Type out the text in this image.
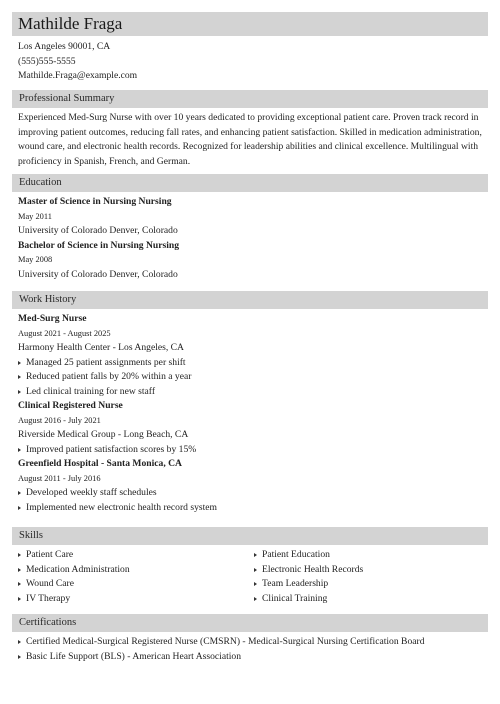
Mathilde Fraga
Los Angeles 90001, CA
(555)555-5555
Mathilde.Fraga@example.com
Professional Summary
Experienced Med-Surg Nurse with over 10 years dedicated to providing exceptional patient care. Proven track record in improving patient outcomes, reducing fall rates, and enhancing patient satisfaction. Skilled in medication administration, wound care, and electronic health records. Recognized for leadership abilities and clinical excellence. Multilingual with proficiency in Spanish, French, and German.
Education
Master of Science in Nursing Nursing
May 2011
University of Colorado Denver, Colorado
Bachelor of Science in Nursing Nursing
May 2008
University of Colorado Denver, Colorado
Work History
Med-Surg Nurse
August 2021 - August 2025
Harmony Health Center - Los Angeles, CA
Managed 25 patient assignments per shift
Reduced patient falls by 20% within a year
Led clinical training for new staff
Clinical Registered Nurse
August 2016 - July 2021
Riverside Medical Group - Long Beach, CA
Improved patient satisfaction scores by 15%
Greenfield Hospital - Santa Monica, CA
August 2011 - July 2016
Developed weekly staff schedules
Implemented new electronic health record system
Skills
Patient Care
Medication Administration
Wound Care
IV Therapy
Patient Education
Electronic Health Records
Team Leadership
Clinical Training
Certifications
Certified Medical-Surgical Registered Nurse (CMSRN) - Medical-Surgical Nursing Certification Board
Basic Life Support (BLS) - American Heart Association
